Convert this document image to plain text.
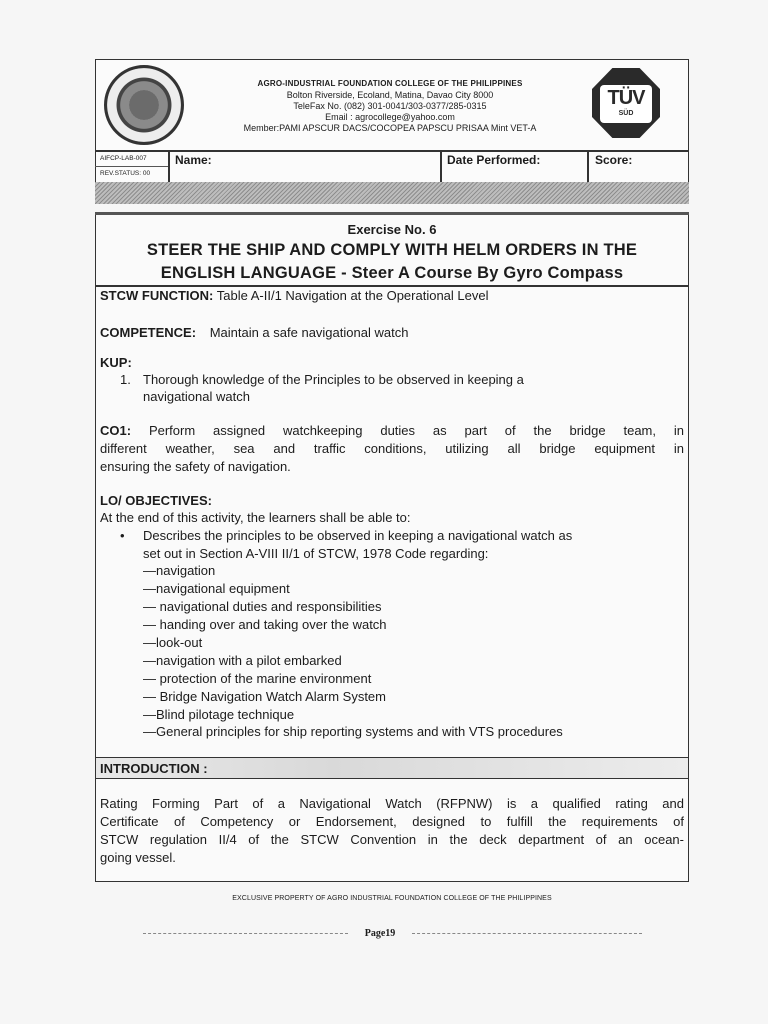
AGRO-INDUSTRIAL FOUNDATION COLLEGE OF THE PHILIPPINES
Bolton Riverside, Ecoland, Matina, Davao City 8000
TeleFax No. (082) 301-0041/303-0377/285-0315
Email : agrocollege@yahoo.com
Member:PAMI APSCUR DACS/COCOPEA PAPSCU PRISAA Mint VET-A
TÜV
SÜD
AIFCP-LAB-007
REV.STATUS: 00
Name:	Date Performed:	Score:
Exercise No. 6
STEER THE SHIP AND COMPLY WITH HELM ORDERS IN THE
ENGLISH LANGUAGE - Steer A Course By Gyro Compass
STCW FUNCTION: Table A-II/1 Navigation at the Operational Level
COMPETENCE: Maintain a safe navigational watch
KUP:
1. Thorough knowledge of the Principles to be observed in keeping a
navigational watch
CO1: Perform assigned watchkeeping duties as part of the bridge team, in
different weather, sea and traffic conditions, utilizing all bridge equipment in
ensuring the safety of navigation.
LO/ OBJECTIVES:
At the end of this activity, the learners shall be able to:
• Describes the principles to be observed in keeping a navigational watch as
set out in Section A-VIII II/1 of STCW, 1978 Code regarding:
—navigation
—navigational equipment
— navigational duties and responsibilities
— handing over and taking over the watch
—look-out
—navigation with a pilot embarked
— protection of the marine environment
— Bridge Navigation Watch Alarm System
—Blind pilotage technique
—General principles for ship reporting systems and with VTS procedures
INTRODUCTION :
Rating Forming Part of a Navigational Watch (RFPNW) is a qualified rating and
Certificate of Competency or Endorsement, designed to fulfill the requirements of
STCW regulation II/4 of the STCW Convention in the deck department of an ocean-
going vessel.
EXCLUSIVE PROPERTY OF AGRO INDUSTRIAL FOUNDATION COLLEGE OF THE PHILIPPINES
Page19
